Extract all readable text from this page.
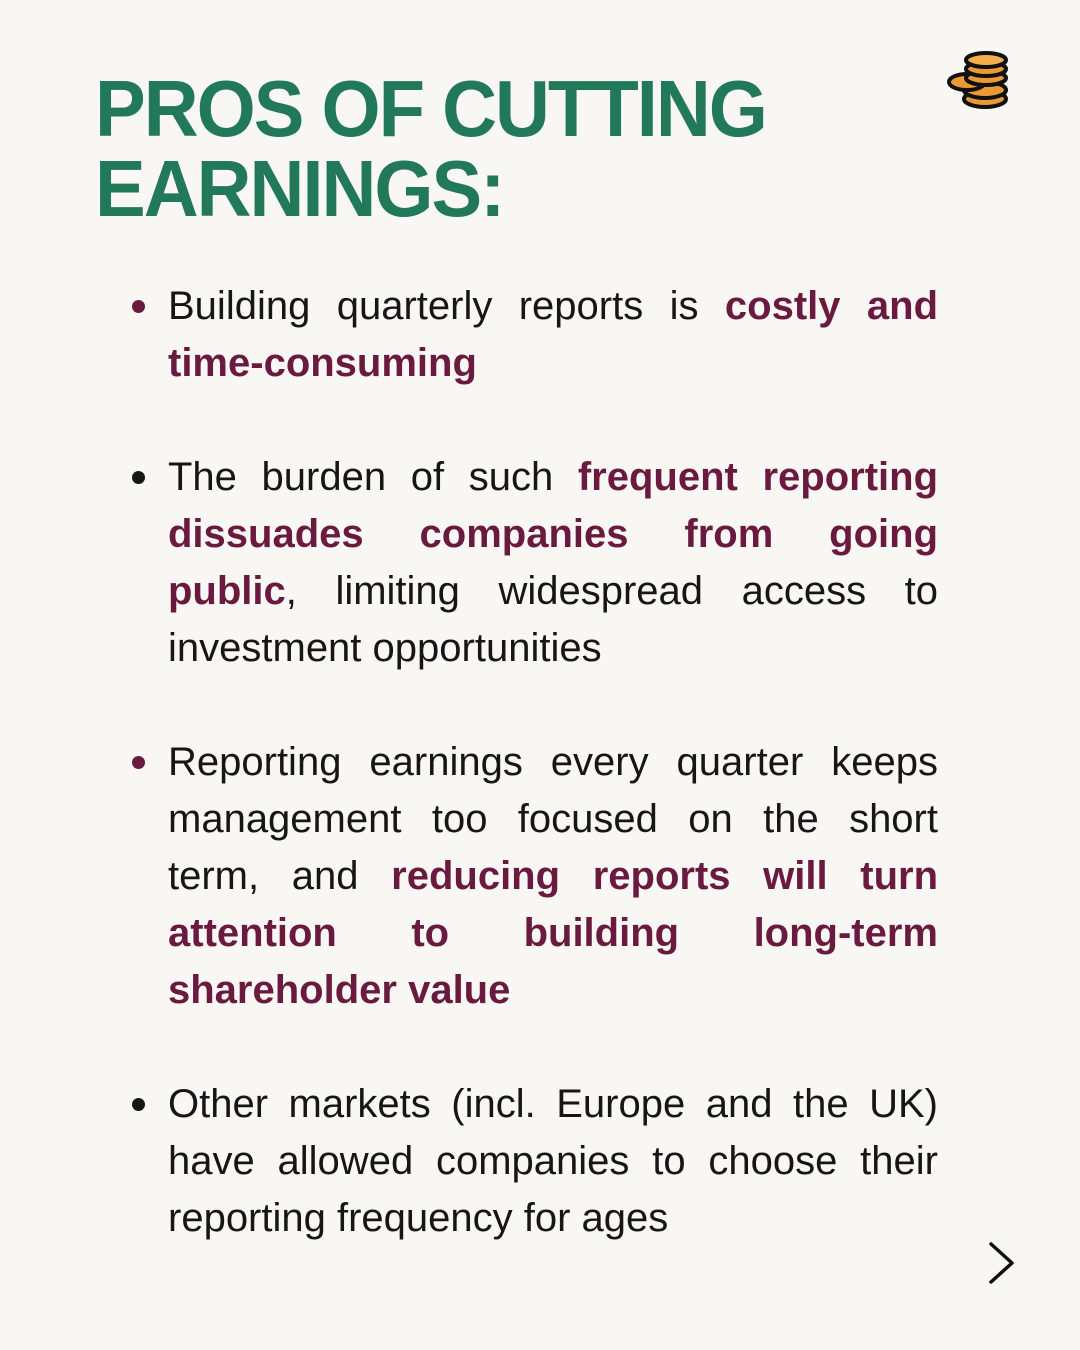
PROS OF CUTTING
EARNINGS:
Building quarterly reports is costly and time-consuming
The burden of such frequent reporting dissuades companies from going public, limiting widespread access to investment opportunities
Reporting earnings every quarter keeps management too focused on the short term, and reducing reports will turn attention to building long-term shareholder value
Other markets (incl. Europe and the UK) have allowed companies to choose their reporting frequency for ages
